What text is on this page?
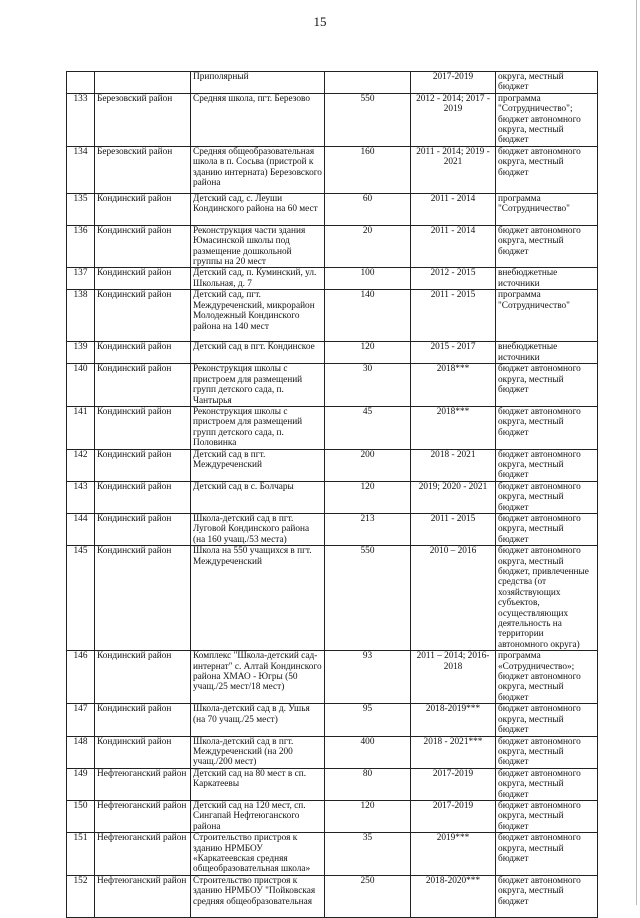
15
		Приполярный		2017-2019	округа, местный бюджет
133	Березовский район	Средняя школа, пгт. Березово	550	2012 - 2014; 2017 - 2019	программа "Сотрудничество"; бюджет автономного округа, местный бюджет
134	Березовский район	Средняя общеобразовательная школа в п. Сосьва (пристрой к зданию интерната) Березовского района	160	2011 - 2014; 2019 - 2021	бюджет автономного округа, местный бюджет
135	Кондинский район	Детский сад, с. Леуши Кондинского района на 60 мест	60	2011 - 2014	программа "Сотрудничество"
136	Кондинский район	Реконструкция части здания Юмасинской школы под размещение дошкольной группы на 20 мест	20	2011 - 2014	бюджет автономного округа, местный бюджет
137	Кондинский район	Детский сад, п. Куминский, ул. Школьная, д. 7	100	2012 - 2015	внебюджетные источники
138	Кондинский район	Детский сад, пгт. Междуреченский, микрорайон Молодежный Кондинского района на 140 мест	140	2011 - 2015	программа "Сотрудничество"
139	Кондинский район	Детский сад в пгт. Кондинское	120	2015 - 2017	внебюджетные источники
140	Кондинский район	Реконструкция школы с пристроем для размещений групп детского сада, п. Чантырья	30	2018***	бюджет автономного округа, местный бюджет
141	Кондинский район	Реконструкция школы с пристроем для размещений групп детского сада, п. Половинка	45	2018***	бюджет автономного округа, местный бюджет
142	Кондинский район	Детский сад в пгт. Междуреченский	200	2018 - 2021	бюджет автономного округа, местный бюджет
143	Кондинский район	Детский сад в с. Болчары	120	2019; 2020 - 2021	бюджет автономного округа, местный бюджет
144	Кондинский район	Школа-детский сад в пгт. Луговой Кондинского района (на 160 учащ./53 места)	213	2011 - 2015	бюджет автономного округа, местный бюджет
145	Кондинский район	Школа на 550 учащихся в пгт. Междуреченский	550	2010 – 2016	бюджет автономного округа, местный бюджет, привлеченные средства (от хозяйствующих субъектов, осуществляющих деятельность на территории автономного округа)
146	Кондинский район	Комплекс "Школа-детский сад-интернат" с. Алтай Кондинского района ХМАО - Югры (50 учащ./25 мест/18 мест)	93	2011 – 2014; 2016-2018	программа «Сотрудничество»; бюджет автономного округа, местный бюджет
147	Кондинский район	Школа-детский сад в д. Ушья (на 70 учащ./25 мест)	95	2018-2019***	бюджет автономного округа, местный бюджет
148	Кондинский район	Школа-детский сад в пгт. Междуреченский (на 200 учащ./200 мест)	400	2018 - 2021***	бюджет автономного округа, местный бюджет
149	Нефтеюганский район	Детский сад на 80 мест в сп. Каркатеевы	80	2017-2019	бюджет автономного округа, местный бюджет
150	Нефтеюганский район	Детский сад на 120 мест, сп. Сингапай Нефтеюганского района	120	2017-2019	бюджет автономного округа, местный бюджет
151	Нефтеюганский район	Строительство пристроя к зданию НРМБОУ «Каркатеевская средняя общеобразовательная школа»	35	2019***	бюджет автономного округа, местный бюджет
152	Нефтеюганский район	Строительство пристроя к зданию НРМБОУ "Пойковская средняя общеобразовательная	250	2018-2020***	бюджет автономного округа, местный бюджет
